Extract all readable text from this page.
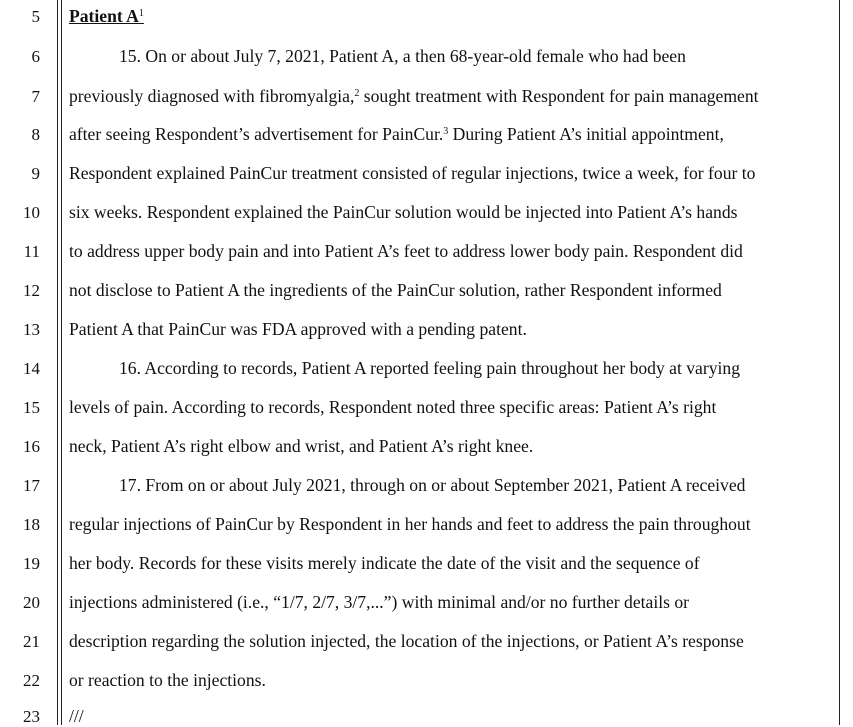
5
6
7
8
9
10
11
12
13
14
15
16
17
18
19
20
21
22
23
Patient $A^1$
15. On or about July 7, 2021, Patient A, a then 68-year-old female who had been
previously diagnosed with fibromyalgia,$^2$ sought treatment with Respondent for pain management
after seeing Respondent’s advertisement for PainCur.$^3$ During Patient A’s initial appointment,
Respondent explained PainCur treatment consisted of regular injections, twice a week, for four to
six weeks. Respondent explained the PainCur solution would be injected into Patient A’s hands
to address upper body pain and into Patient A’s feet to address lower body pain. Respondent did
not disclose to Patient A the ingredients of the PainCur solution, rather Respondent informed
Patient A that PainCur was FDA approved with a pending patent.
16. According to records, Patient A reported feeling pain throughout her body at varying
levels of pain. According to records, Respondent noted three specific areas: Patient A’s right
neck, Patient A’s right elbow and wrist, and Patient A’s right knee.
17. From on or about July 2021, through on or about September 2021, Patient A received
regular injections of PainCur by Respondent in her hands and feet to address the pain throughout
her body. Records for these visits merely indicate the date of the visit and the sequence of
injections administered (i.e., “1/7, 2/7, 3/7,...”) with minimal and/or no further details or
description regarding the solution injected, the location of the injections, or Patient A’s response
or reaction to the injections.
///
